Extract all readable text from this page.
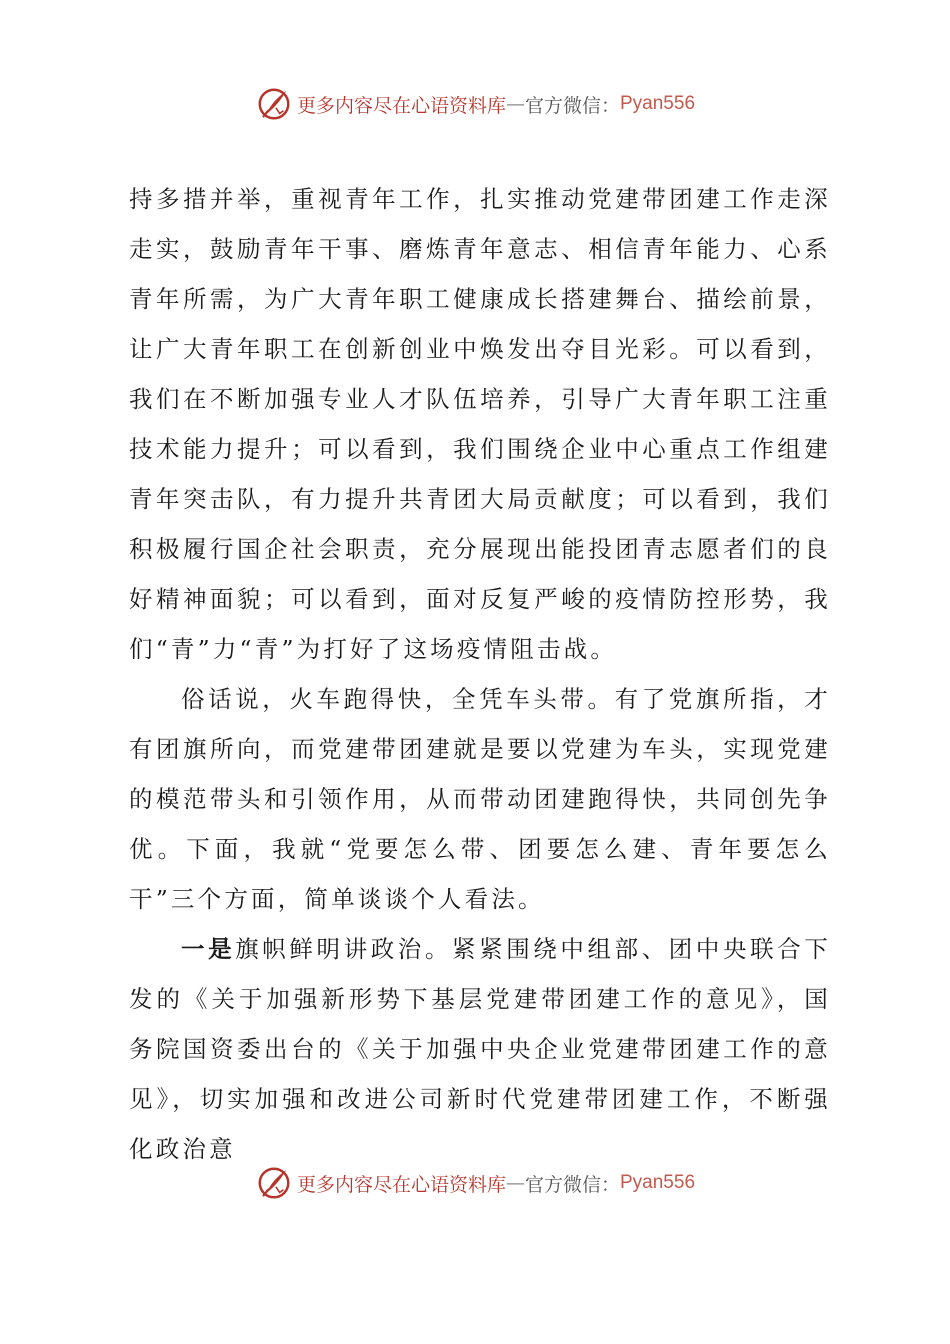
更多内容尽在心语资料库 — 官方微信： Pyan556

持多措并举，重视青年工作，扎实推动党建带团建工作走深走实，鼓励青年干事、磨炼青年意志、相信青年能力、心系青年所需，为广大青年职工健康成长搭建舞台、描绘前景，让广大青年职工在创新创业中焕发出夺目光彩。可以看到，我们在不断加强专业人才队伍培养，引导广大青年职工注重技术能力提升；可以看到，我们围绕企业中心重点工作组建青年突击队，有力提升共青团大局贡献度；可以看到，我们积极履行国企社会职责，充分展现出能投团青志愿者们的良好精神面貌；可以看到，面对反复严峻的疫情防控形势，我们“青”力“青”为打好了这场疫情阻击战。

俗话说，火车跑得快，全凭车头带。有了党旗所指，才有团旗所向，而党建带团建就是要以党建为车头，实现党建的模范带头和引领作用，从而带动团建跑得快，共同创先争优。下面，我就“党要怎么带、团要怎么建、青年要怎么干”三个方面，简单谈谈个人看法。

一是旗帜鲜明讲政治。紧紧围绕中组部、团中央联合下发的《关于加强新形势下基层党建带团建工作的意见》，国务院国资委出台的《关于加强中央企业党建带团建工作的意见》，切实加强和改进公司新时代党建带团建工作，不断强化政治意

更多内容尽在心语资料库 — 官方微信： Pyan556
